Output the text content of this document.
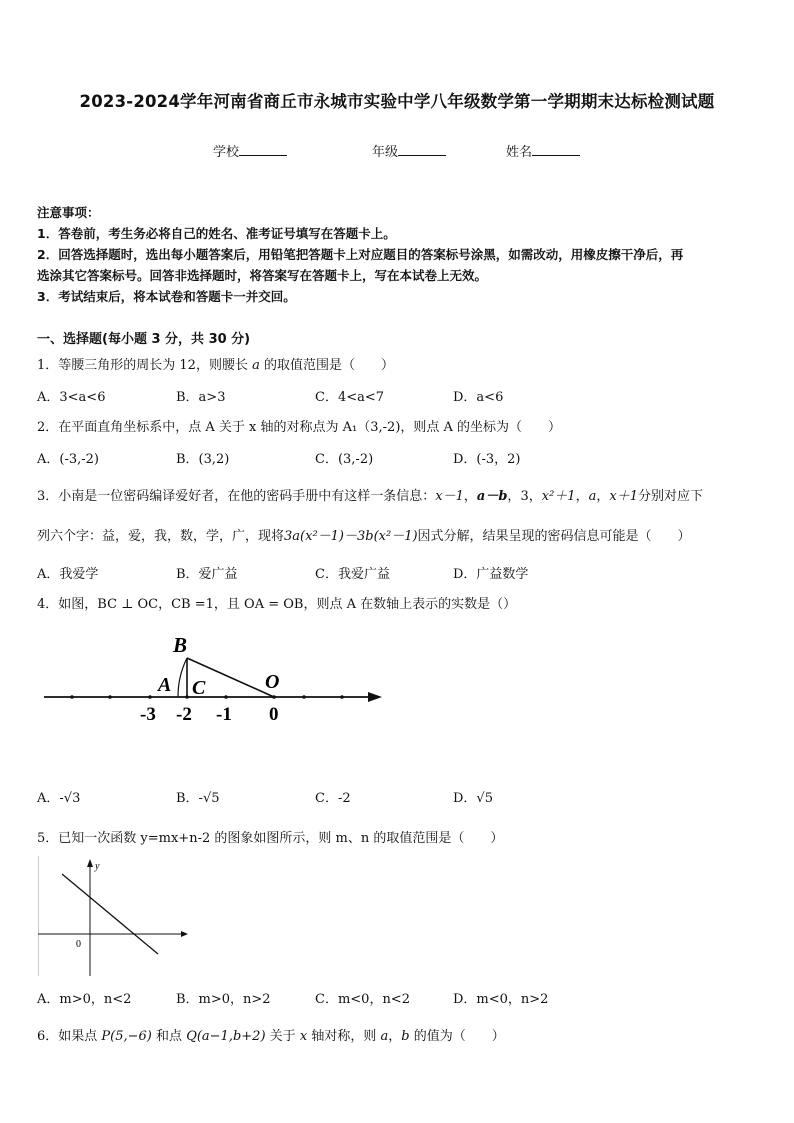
2023-2024学年河南省商丘市永城市实验中学八年级数学第一学期期末达标检测试题
学校	年级	姓名
注意事项：
1．答卷前，考生务必将自己的姓名、准考证号填写在答题卡上。
2．回答选择题时，选出每小题答案后，用铅笔把答题卡上对应题目的答案标号涂黑，如需改动，用橡皮擦干净后，再
选涂其它答案标号。回答非选择题时，将答案写在答题卡上，写在本试卷上无效。
3．考试结束后，将本试卷和答题卡一并交回。
一、选择题(每小题 3 分，共 30 分)
1．等腰三角形的周长为 12，则腰长 a 的取值范围是（　　）
A．3<a<6	B．a>3	C．4<a<7	D．a<6
2．在平面直角坐标系中，点 A 关于 x 轴的对称点为 A₁（3,-2)，则点 A 的坐标为（　　）
A．(-3,-2)	B．(3,2)	C．(3,-2)	D．(-3，2)
3．小南是一位密码编译爱好者，在他的密码手册中有这样一条信息：x－1，a－b，3，x²＋1，a，x＋1分别对应下
列六个字：益，爱，我，数，学，广，现将3a(x²－1)－3b(x²－1)因式分解，结果呈现的密码信息可能是（　　）
A．我爱学	B．爱广益	C．我爱广益	D．广益数学
4．如图，BC ⊥ OC，CB =1，且 OA = OB，则点 A 在数轴上表示的实数是（）
B
A C	O
-3 -2 -1 0
A．-√3	B．-√5	C．-2	D．√5
5．已知一次函数 y=mx+n-2 的图象如图所示，则 m、n 的取值范围是（　　）
y
0
A．m>0，n<2	B．m>0，n>2	C．m<0，n<2	D．m<0，n>2
6．如果点 P(5,−6) 和点 Q(a−1,b+2) 关于 x 轴对称，则 a，b 的值为（　　）
